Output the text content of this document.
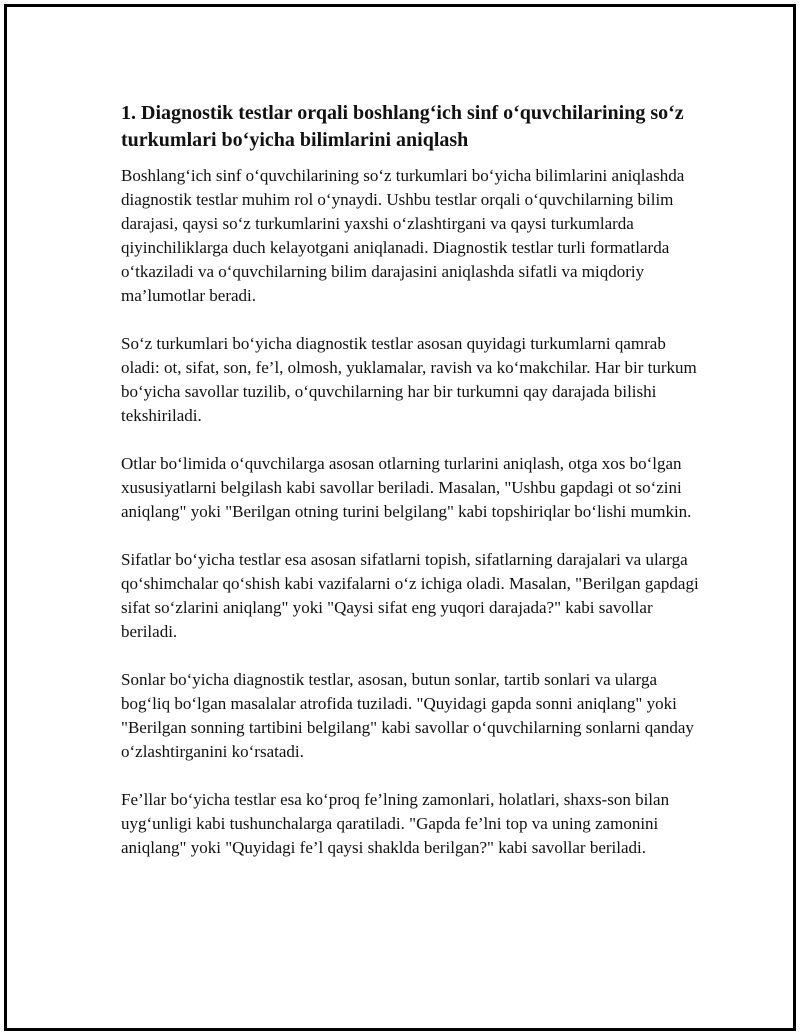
1. Diagnostik testlar orqali boshlang‘ich sinf o‘quvchilarining so‘z turkumlari bo‘yicha bilimlarini aniqlash

Boshlang‘ich sinf o‘quvchilarining so‘z turkumlari bo‘yicha bilimlarini aniqlashda diagnostik testlar muhim rol o‘ynaydi. Ushbu testlar orqali o‘quvchilarning bilim darajasi, qaysi so‘z turkumlarini yaxshi o‘zlashtirgani va qaysi turkumlarda qiyinchiliklarga duch kelayotgani aniqlanadi. Diagnostik testlar turli formatlarda o‘tkaziladi va o‘quvchilarning bilim darajasini aniqlashda sifatli va miqdoriy ma’lumotlar beradi.

So‘z turkumlari bo‘yicha diagnostik testlar asosan quyidagi turkumlarni qamrab oladi: ot, sifat, son, fe’l, olmosh, yuklamalar, ravish va ko‘makchilar. Har bir turkum bo‘yicha savollar tuzilib, o‘quvchilarning har bir turkumni qay darajada bilishi tekshiriladi.

Otlar bo‘limida o‘quvchilarga asosan otlarning turlarini aniqlash, otga xos bo‘lgan xususiyatlarni belgilash kabi savollar beriladi. Masalan, "Ushbu gapdagi ot so‘zini aniqlang" yoki "Berilgan otning turini belgilang" kabi topshiriqlar bo‘lishi mumkin.

Sifatlar bo‘yicha testlar esa asosan sifatlarni topish, sifatlarning darajalari va ularga qo‘shimchalar qo‘shish kabi vazifalarni o‘z ichiga oladi. Masalan, "Berilgan gapdagi sifat so‘zlarini aniqlang" yoki "Qaysi sifat eng yuqori darajada?" kabi savollar beriladi.

Sonlar bo‘yicha diagnostik testlar, asosan, butun sonlar, tartib sonlari va ularga bog‘liq bo‘lgan masalalar atrofida tuziladi. "Quyidagi gapda sonni aniqlang" yoki "Berilgan sonning tartibini belgilang" kabi savollar o‘quvchilarning sonlarni qanday o‘zlashtirganini ko‘rsatadi.

Fe’llar bo‘yicha testlar esa ko‘proq fe’lning zamonlari, holatlari, shaxs-son bilan uyg‘unligi kabi tushunchalarga qaratiladi. "Gapda fe’lni top va uning zamonini aniqlang" yoki "Quyidagi fe’l qaysi shaklda berilgan?" kabi savollar beriladi.
